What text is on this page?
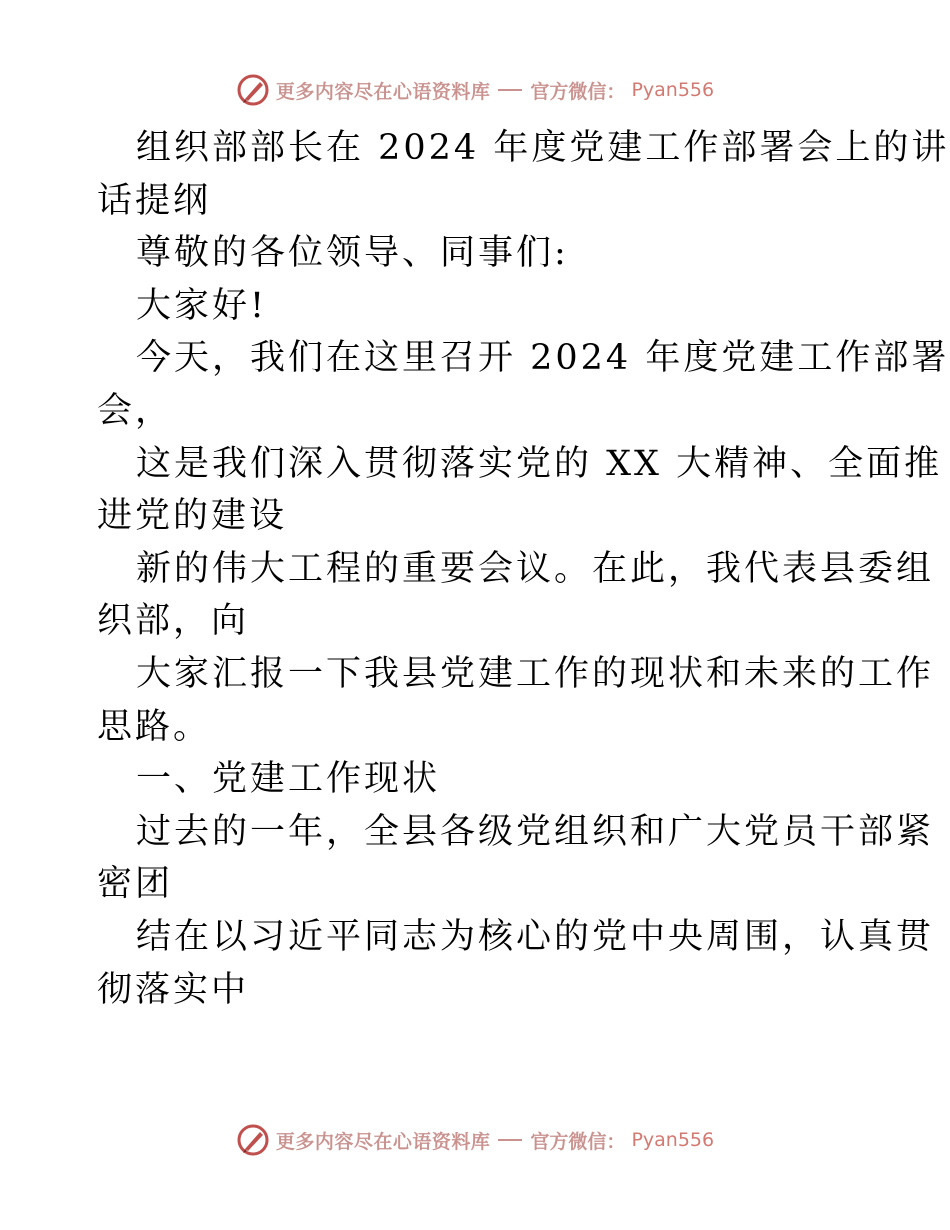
更多内容尽在心语资料库 官方微信： Pyan556
组织部部长在 2024 年度党建工作部署会上的讲
话提纲
尊敬的各位领导、同事们:
大家好!
今天，我们在这里召开 2024 年度党建工作部署
会，
这是我们深入贯彻落实党的 XX 大精神、全面推
进党的建设
新的伟大工程的重要会议。在此，我代表县委组
织部，向
大家汇报一下我县党建工作的现状和未来的工作
思路。
一、党建工作现状
过去的一年，全县各级党组织和广大党员干部紧
密团
结在以习近平同志为核心的党中央周围，认真贯
彻落实中
更多内容尽在心语资料库 官方微信： Pyan556
